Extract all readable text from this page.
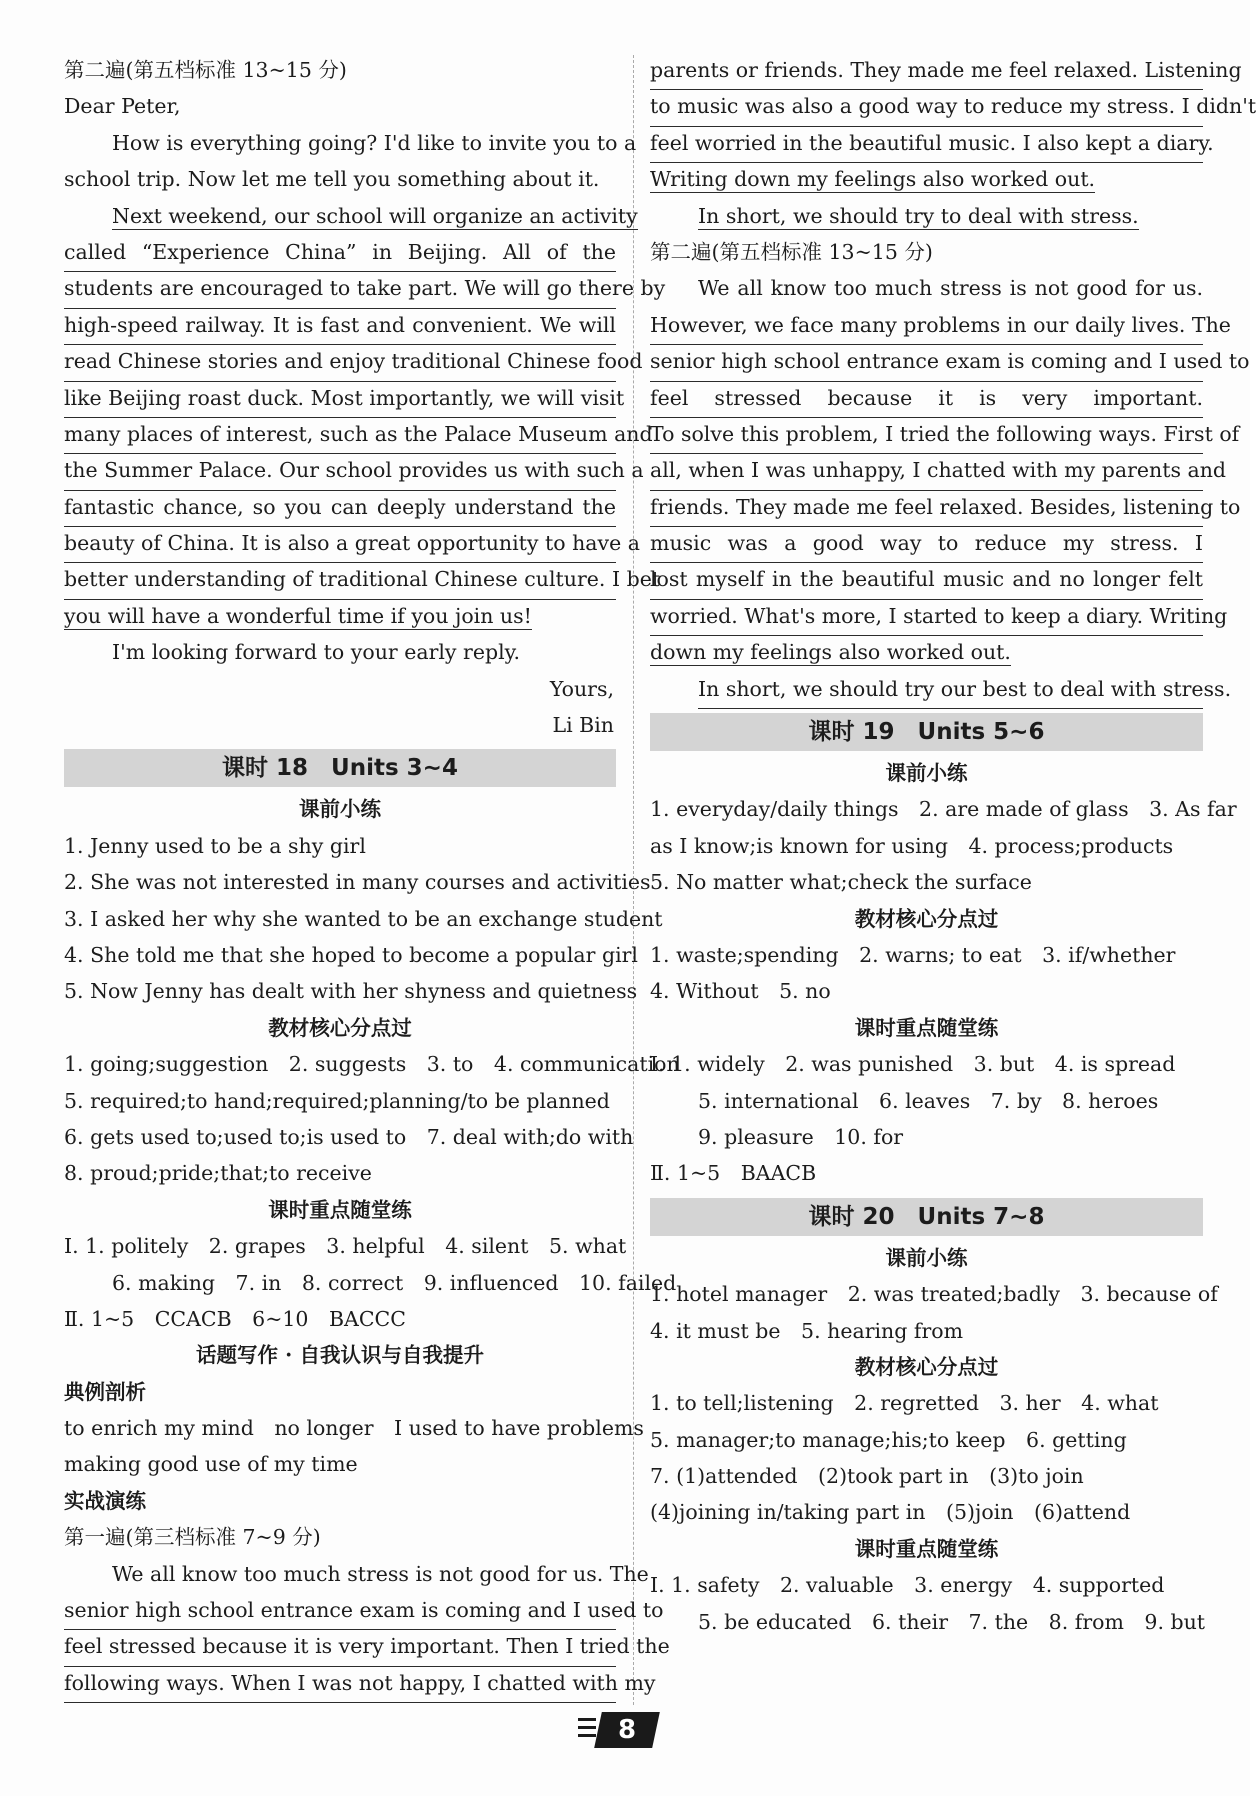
第二遍(第五档标准 13~15 分)
Dear Peter,
How is everything going? I'd like to invite you to a
school trip. Now let me tell you something about it.
Next weekend, our school will organize an activity
called “Experience China” in Beijing. All of the
students are encouraged to take part. We will go there by
high-speed railway. It is fast and convenient. We will
read Chinese stories and enjoy traditional Chinese food
like Beijing roast duck. Most importantly, we will visit
many places of interest, such as the Palace Museum and
the Summer Palace. Our school provides us with such a
fantastic chance, so you can deeply understand the
beauty of China. It is also a great opportunity to have a
better understanding of traditional Chinese culture. I bet
you will have a wonderful time if you join us!
I'm looking forward to your early reply.
Yours,
Li Bin
课时 18　Units 3~4
课前小练
1. Jenny used to be a shy girl
2. She was not interested in many courses and activities
3. I asked her why she wanted to be an exchange student
4. She told me that she hoped to become a popular girl
5. Now Jenny has dealt with her shyness and quietness
教材核心分点过
1. going;suggestion　2. suggests　3. to　4. communication
5. required;to hand;required;planning/to be planned
6. gets used to;used to;is used to　7. deal with;do with
8. proud;pride;that;to receive
课时重点随堂练
Ⅰ. 1. politely　2. grapes　3. helpful　4. silent　5. what
6. making　7. in　8. correct　9. influenced　10. failed
Ⅱ. 1~5　CCACB　6~10　BACCC
话题写作 · 自我认识与自我提升
典例剖析
to enrich my mind　no longer　I used to have problems
making good use of my time
实战演练
第一遍(第三档标准 7~9 分)
We all know too much stress is not good for us. The
senior high school entrance exam is coming and I used to
feel stressed because it is very important. Then I tried the
following ways. When I was not happy, I chatted with my
parents or friends. They made me feel relaxed. Listening
to music was also a good way to reduce my stress. I didn't
feel worried in the beautiful music. I also kept a diary.
Writing down my feelings also worked out.
In short, we should try to deal with stress.
第二遍(第五档标准 13~15 分)
We all know too much stress is not good for us.
However, we face many problems in our daily lives. The
senior high school entrance exam is coming and I used to
feel stressed because it is very important.
To solve this problem, I tried the following ways. First of
all, when I was unhappy, I chatted with my parents and
friends. They made me feel relaxed. Besides, listening to
music was a good way to reduce my stress. I
lost myself in the beautiful music and no longer felt
worried. What's more, I started to keep a diary. Writing
down my feelings also worked out.
In short, we should try our best to deal with stress.
课时 19　Units 5~6
课前小练
1. everyday/daily things　2. are made of glass　3. As far
as I know;is known for using　4. process;products
5. No matter what;check the surface
教材核心分点过
1. waste;spending　2. warns; to eat　3. if/whether
4. Without　5. no
课时重点随堂练
Ⅰ. 1. widely　2. was punished　3. but　4. is spread
5. international　6. leaves　7. by　8. heroes
9. pleasure　10. for
Ⅱ. 1~5　BAACB
课时 20　Units 7~8
课前小练
1. hotel manager　2. was treated;badly　3. because of
4. it must be　5. hearing from
教材核心分点过
1. to tell;listening　2. regretted　3. her　4. what
5. manager;to manage;his;to keep　6. getting
7. (1)attended　(2)took part in　(3)to join
(4)joining in/taking part in　(5)join　(6)attend
课时重点随堂练
Ⅰ. 1. safety　2. valuable　3. energy　4. supported
5. be educated　6. their　7. the　8. from　9. but
8
